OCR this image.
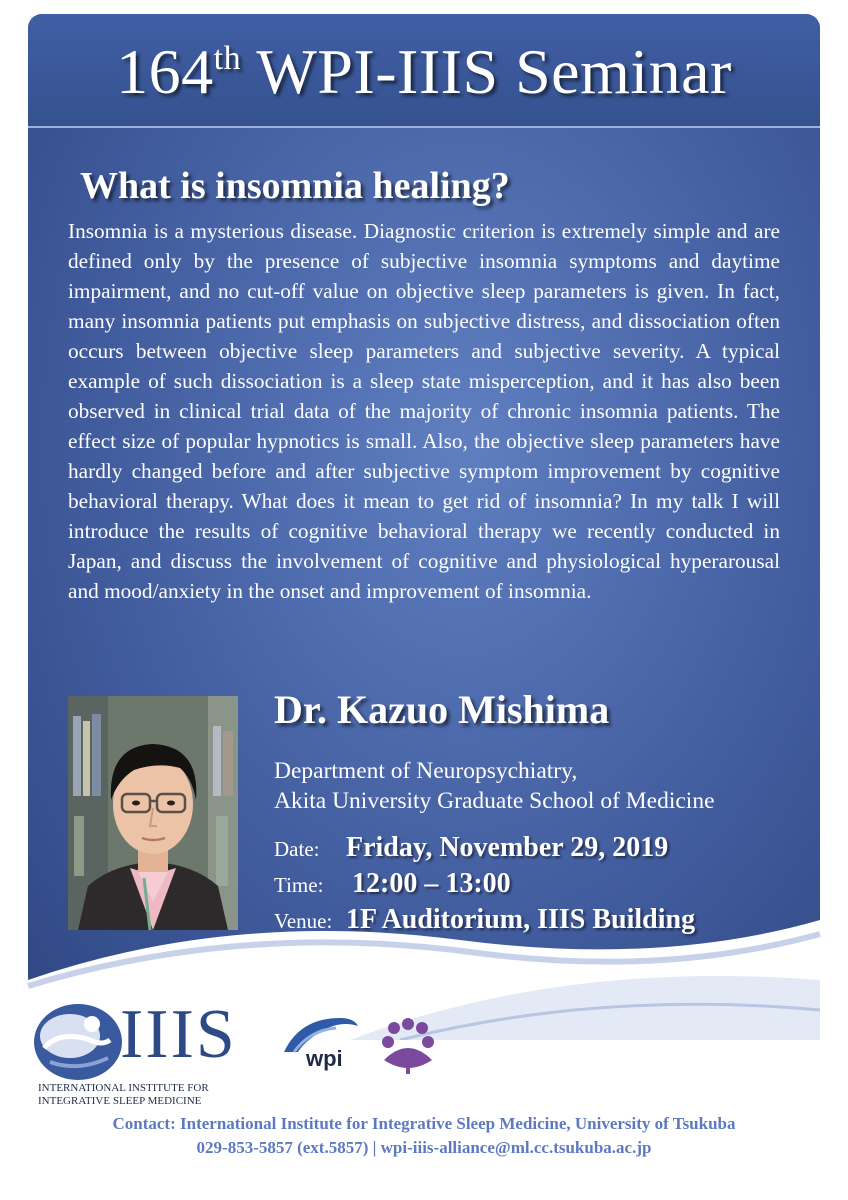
164th WPI-IIIS Seminar
What is insomnia healing?
Insomnia is a mysterious disease. Diagnostic criterion is extremely simple and are defined only by the presence of subjective insomnia symptoms and daytime impairment, and no cut-off value on objective sleep parameters is given. In fact, many insomnia patients put emphasis on subjective distress, and dissociation often occurs between objective sleep parameters and subjective severity. A typical example of such dissociation is a sleep state misperception, and it has also been observed in clinical trial data of the majority of chronic insomnia patients. The effect size of popular hypnotics is small. Also, the objective sleep parameters have hardly changed before and after subjective symptom improvement by cognitive behavioral therapy. What does it mean to get rid of insomnia? In my talk I will introduce the results of cognitive behavioral therapy we recently conducted in Japan, and discuss the involvement of cognitive and physiological hyperarousal and mood/anxiety in the onset and improvement of insomnia.
Dr. Kazuo Mishima
Department of Neuropsychiatry,
Akita University Graduate School of Medicine
Date: Friday, November 29, 2019
Time: 12:00 – 13:00
Venue: 1F Auditorium, IIIS Building
IIIS
INTERNATIONAL INSTITUTE FOR INTEGRATIVE SLEEP MEDICINE
wpi
Contact: International Institute for Integrative Sleep Medicine, University of Tsukuba
029-853-5857 (ext.5857) | wpi-iiis-alliance@ml.cc.tsukuba.ac.jp
